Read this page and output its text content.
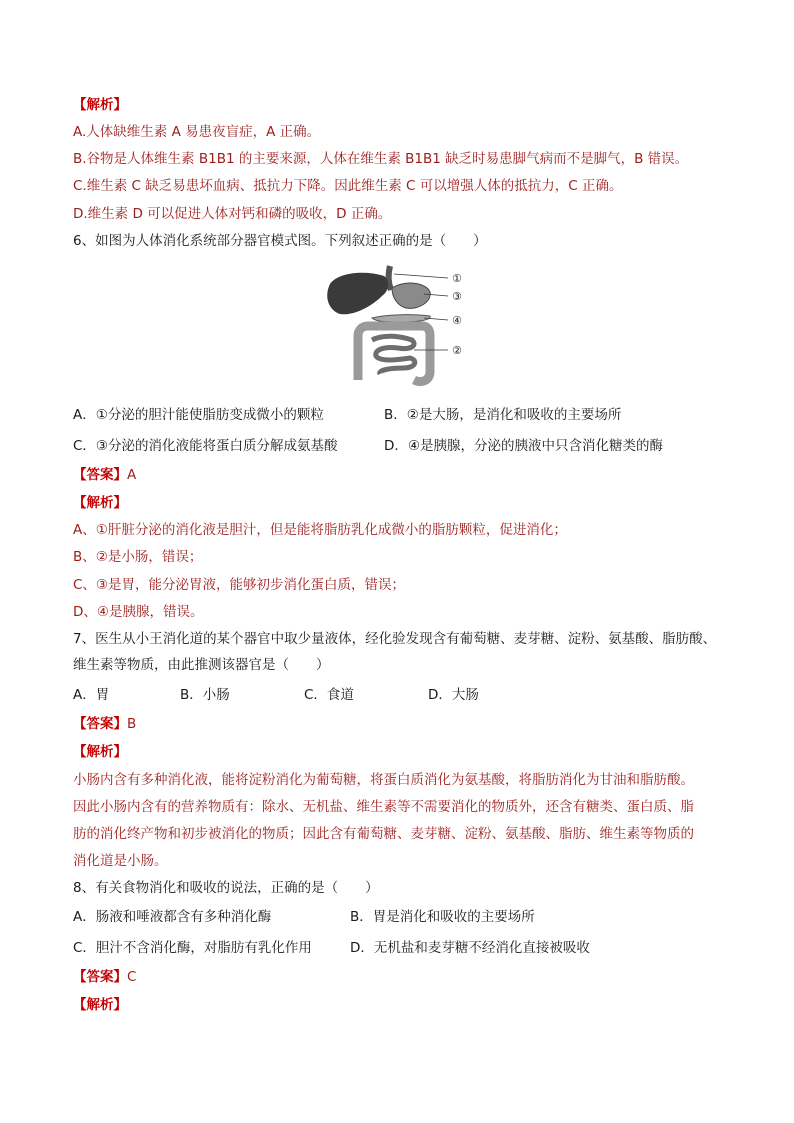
【解析】
A.人体缺维生素 A 易患夜盲症，A 正确。
B.谷物是人体维生素 B1B1 的主要来源，人体在维生素 B1B1 缺乏时易患脚气病而不是脚气，B 错误。
C.维生素 C 缺乏易患坏血病、抵抗力下降。因此维生素 C 可以增强人体的抵抗力，C 正确。
D.维生素 D 可以促进人体对钙和磷的吸收，D 正确。
6、如图为人体消化系统部分器官模式图。下列叙述正确的是（　　）
①
③
④
②
A．①分泌的胆汁能使脂肪变成微小的颗粒	B．②是大肠，是消化和吸收的主要场所
C．③分泌的消化液能将蛋白质分解成氨基酸	D．④是胰腺，分泌的胰液中只含消化糖类的酶
【答案】A
【解析】
A、①肝脏分泌的消化液是胆汁，但是能将脂肪乳化成微小的脂肪颗粒，促进消化；
B、②是小肠，错误；
C、③是胃，能分泌胃液，能够初步消化蛋白质，错误；
D、④是胰腺，错误。
7、医生从小王消化道的某个器官中取少量液体，经化验发现含有葡萄糖、麦芽糖、淀粉、氨基酸、脂肪酸、
维生素等物质，由此推测该器官是（　　）
A．胃	B．小肠	C．食道	D．大肠
【答案】B
【解析】
小肠内含有多种消化液，能将淀粉消化为葡萄糖，将蛋白质消化为氨基酸，将脂肪消化为甘油和脂肪酸。
因此小肠内含有的营养物质有：除水、无机盐、维生素等不需要消化的物质外，还含有糖类、蛋白质、脂
肪的消化终产物和初步被消化的物质；因此含有葡萄糖、麦芽糖、淀粉、氨基酸、脂肪、维生素等物质的
消化道是小肠。
8、有关食物消化和吸收的说法，正确的是（　　）
A．肠液和唾液都含有多种消化酶	B．胃是消化和吸收的主要场所
C．胆汁不含消化酶，对脂肪有乳化作用	D．无机盐和麦芽糖不经消化直接被吸收
【答案】C
【解析】
